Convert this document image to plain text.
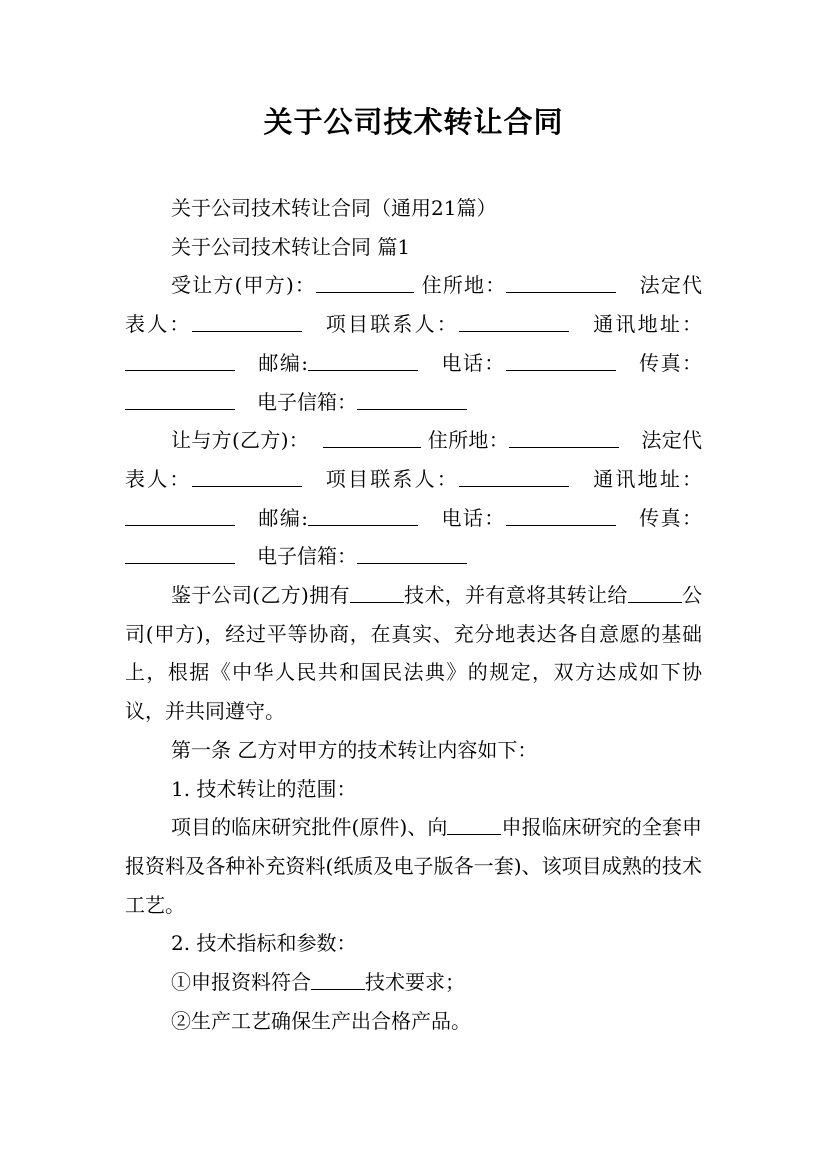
关于公司技术转让合同

关于公司技术转让合同（通用21篇）

关于公司技术转让合同 篇1

受让方(甲方)：	住所地：	法定代表人：	项目联系人：	通讯地址：邮编:	电话：	传真：电子信箱：

让与方(乙方)：	住所地：	法定代表人：	项目联系人：	通讯地址：邮编:	电话：	传真：电子信箱：

鉴于公司(乙方)拥有	技术，并有意将其转让给	公司(甲方)，经过平等协商，在真实、充分地表达各自意愿的基础上，根据《中华人民共和国民法典》的规定，双方达成如下协议，并共同遵守。

第一条 乙方对甲方的技术转让内容如下：

1. 技术转让的范围：

项目的临床研究批件(原件)、向	申报临床研究的全套申报资料及各种补充资料(纸质及电子版各一套)、该项目成熟的技术工艺。

2. 技术指标和参数：

①申报资料符合	技术要求；

②生产工艺确保生产出合格产品。
